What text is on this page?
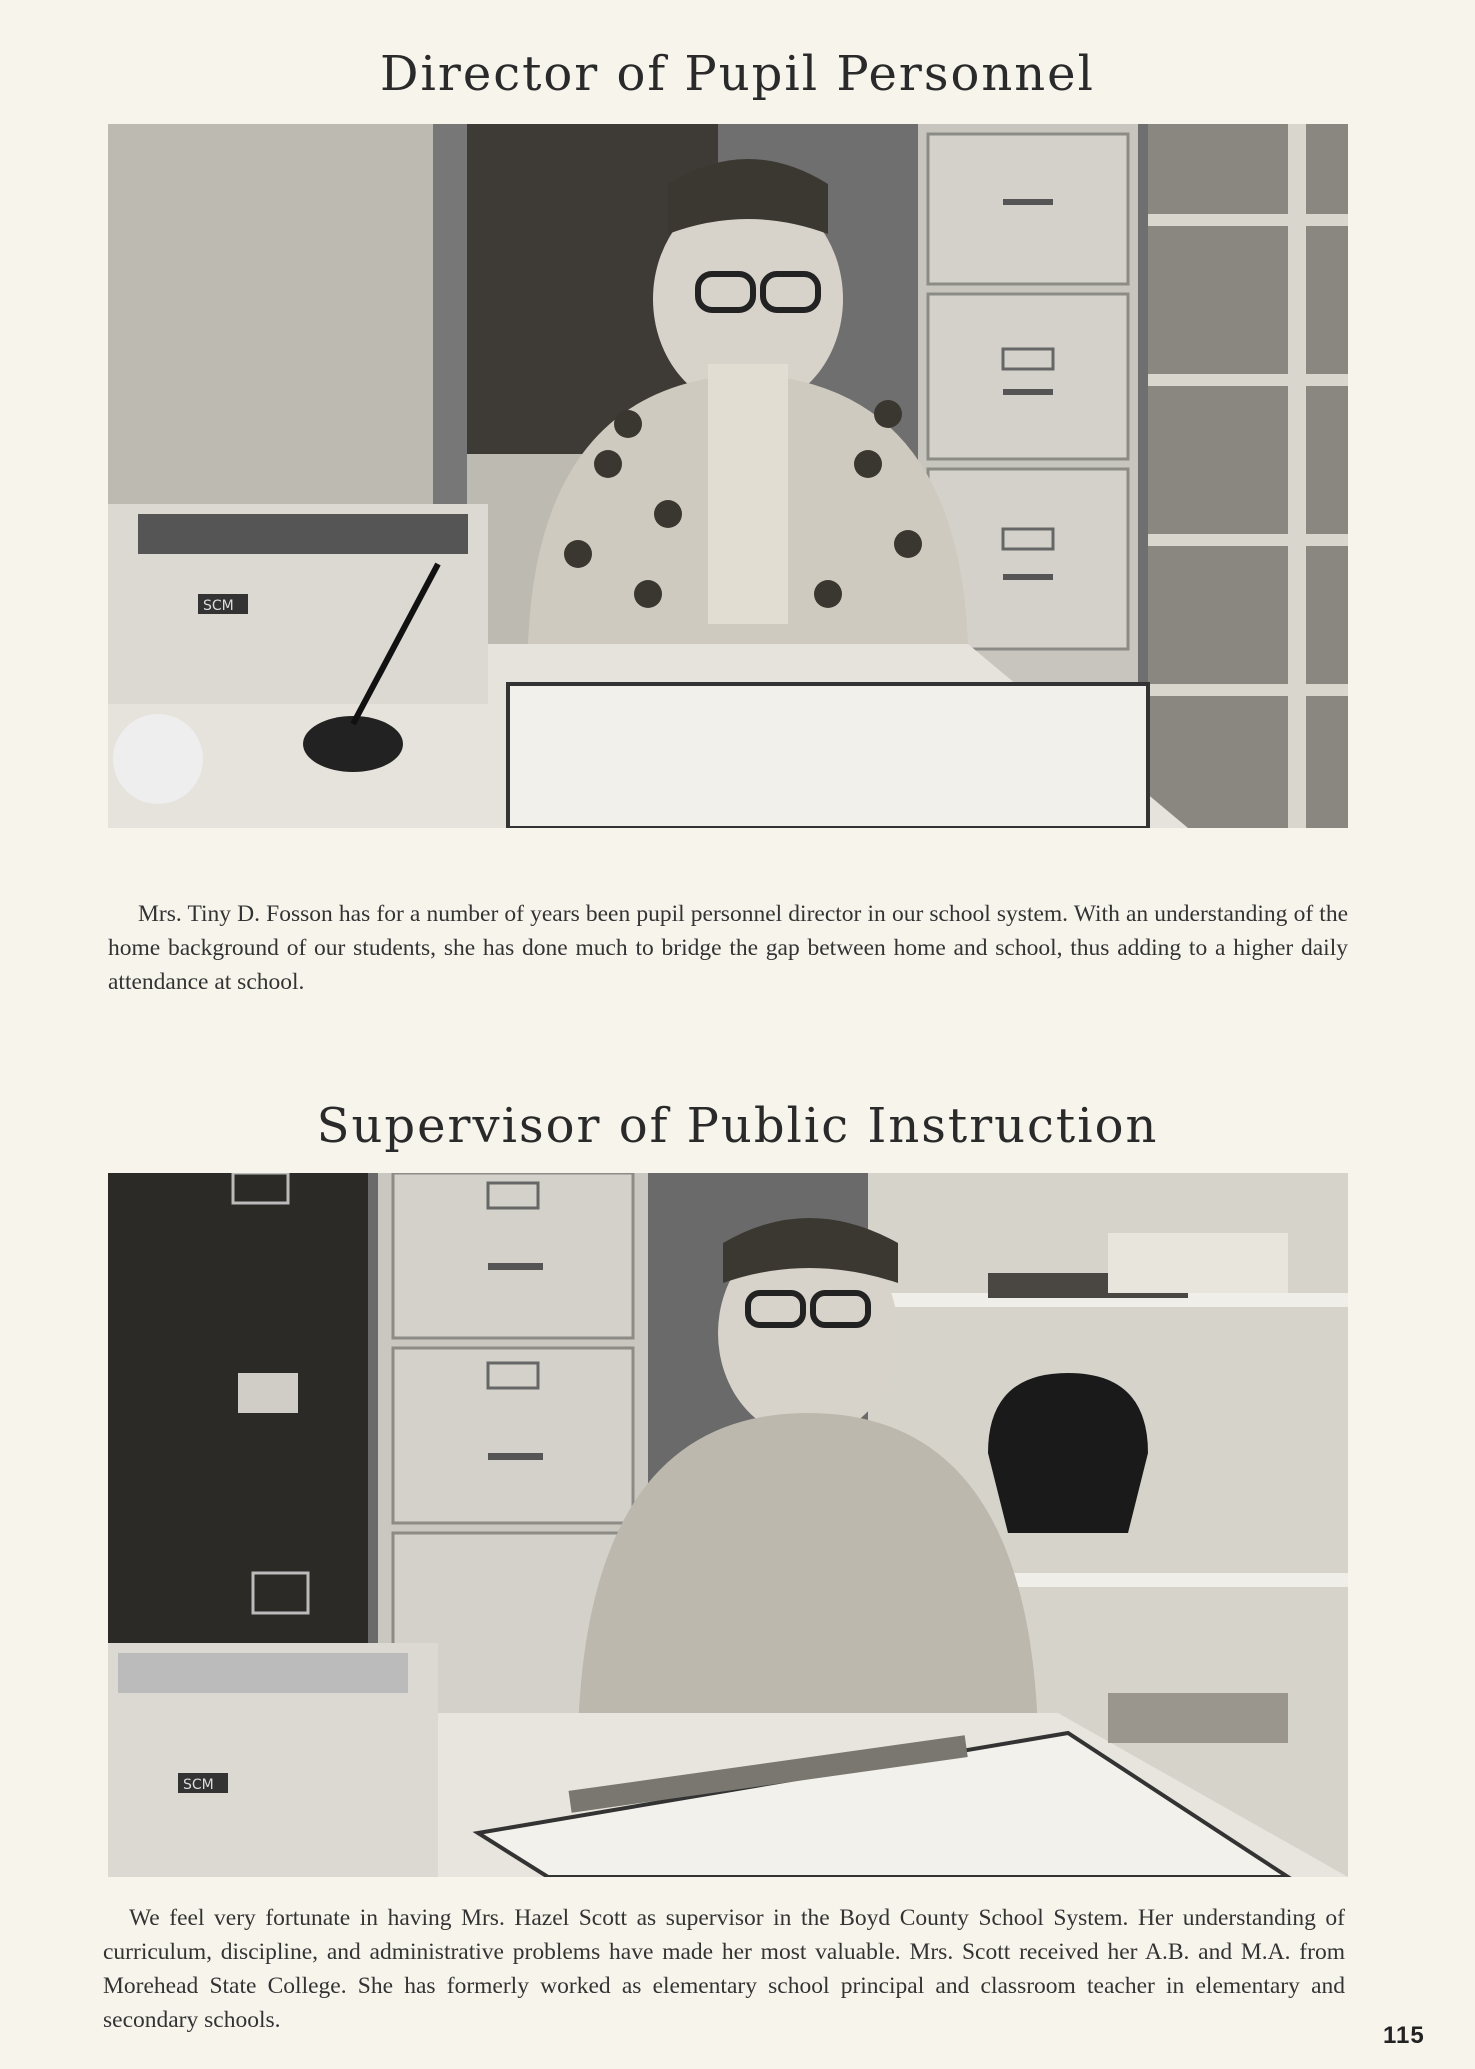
Director of Pupil Personnel
SCM
Mrs. Tiny D. Fosson has for a number of years been pupil personnel director in our school system. With an understanding of the home background of our students, she has done much to bridge the gap between home and school, thus adding to a higher daily attendance at school.
Supervisor of Public Instruction
SCM
We feel very fortunate in having Mrs. Hazel Scott as supervisor in the Boyd County School System. Her understanding of curriculum, discipline, and administrative problems have made her most valuable. Mrs. Scott received her A.B. and M.A. from Morehead State College. She has formerly worked as elementary school principal and classroom teacher in elementary and secondary schools.
115
